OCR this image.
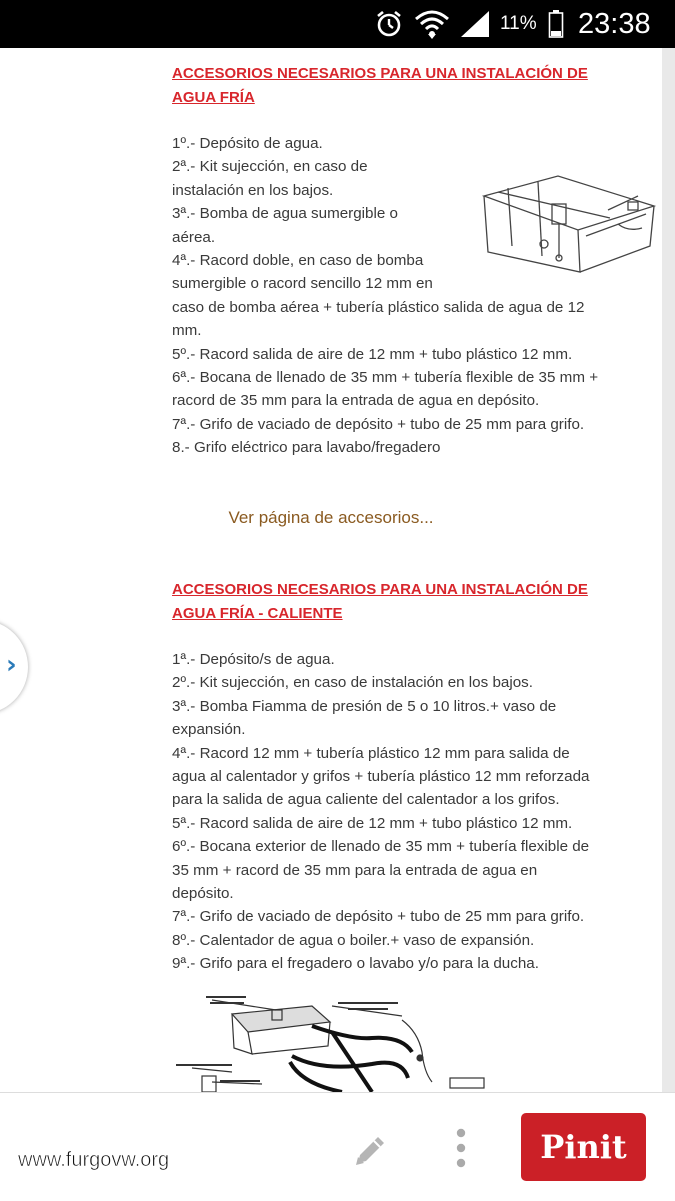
11% 23:38
ACCESORIOS NECESARIOS PARA UNA INSTALACIÓN DE
AGUA FRÍA
1º.- Depósito de agua.
2ª.- Kit sujección, en caso de
instalación en los bajos.
3ª.- Bomba de agua sumergible o
aérea.
4ª.- Racord doble, en caso de bomba
sumergible o racord sencillo 12 mm en
caso de bomba aérea + tubería plástico salida de agua de 12
mm.
5º.- Racord salida de aire de 12 mm + tubo plástico 12 mm.
6ª.- Bocana de llenado de 35 mm + tubería flexible de 35 mm +
racord de 35 mm para la entrada de agua en depósito.
7ª.- Grifo de vaciado de depósito + tubo de 25 mm para grifo.
8.- Grifo eléctrico para lavabo/fregadero
Ver página de accesorios...
ACCESORIOS NECESARIOS PARA UNA INSTALACIÓN DE
AGUA FRÍA - CALIENTE
1ª.- Depósito/s de agua.
2º.- Kit sujección, en caso de instalación en los bajos.
3ª.- Bomba Fiamma de presión de 5 o 10 litros.+ vaso de
expansión.
4ª.- Racord 12 mm + tubería plástico 12 mm para salida de
agua al calentador y grifos + tubería plástico 12 mm reforzada
para la salida de agua caliente del calentador a los grifos.
5ª.- Racord salida de aire de 12 mm + tubo plástico 12 mm.
6º.- Bocana exterior de llenado de 35 mm + tubería flexible de
35 mm + racord de 35 mm para la entrada de agua en
depósito.
7ª.- Grifo de vaciado de depósito + tubo de 25 mm para grifo.
8º.- Calentador de agua o boiler.+ vaso de expansión.
9ª.- Grifo para el fregadero o lavabo y/o para la ducha.
›
Pinit
www.furgovw.org
